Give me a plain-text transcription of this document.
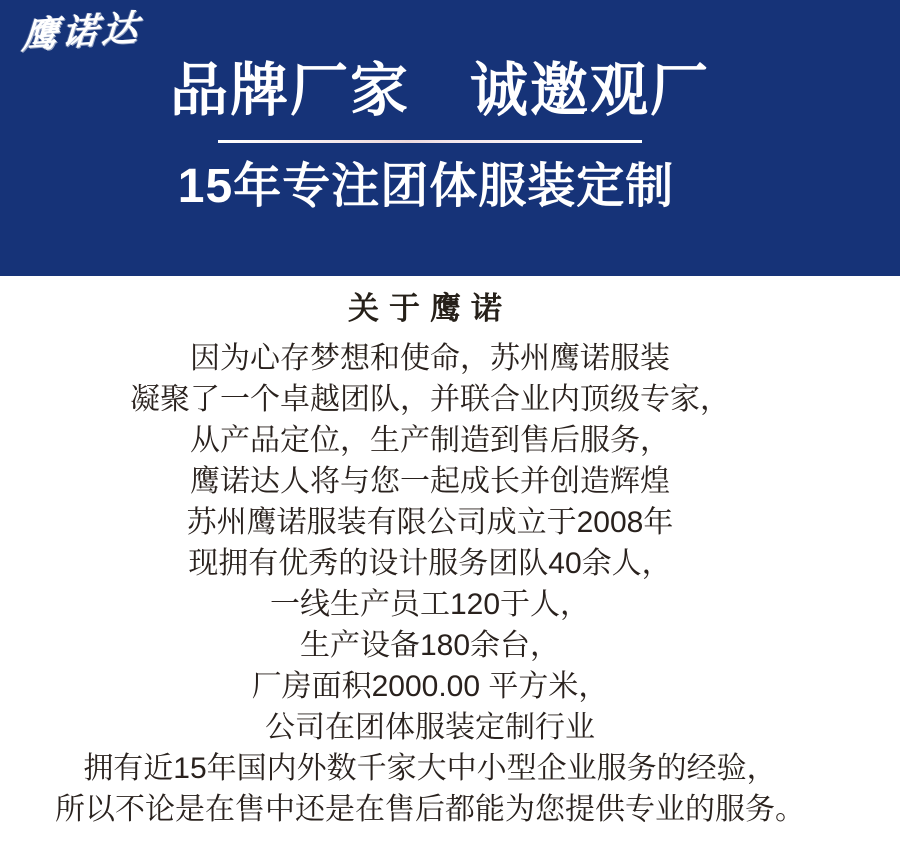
鹰诺达
品牌厂家　诚邀观厂
15年专注团体服装定制
关于鹰诺
因为心存梦想和使命，苏州鹰诺服装
凝聚了一个卓越团队，并联合业内顶级专家，
从产品定位，生产制造到售后服务，
鹰诺达人将与您一起成长并创造辉煌
苏州鹰诺服装有限公司成立于2008年
现拥有优秀的设计服务团队40余人，
一线生产员工120于人，
生产设备180余台，
厂房面积2000.00 平方米，
公司在团体服装定制行业
拥有近15年国内外数千家大中小型企业服务的经验，
所以不论是在售中还是在售后都能为您提供专业的服务。
